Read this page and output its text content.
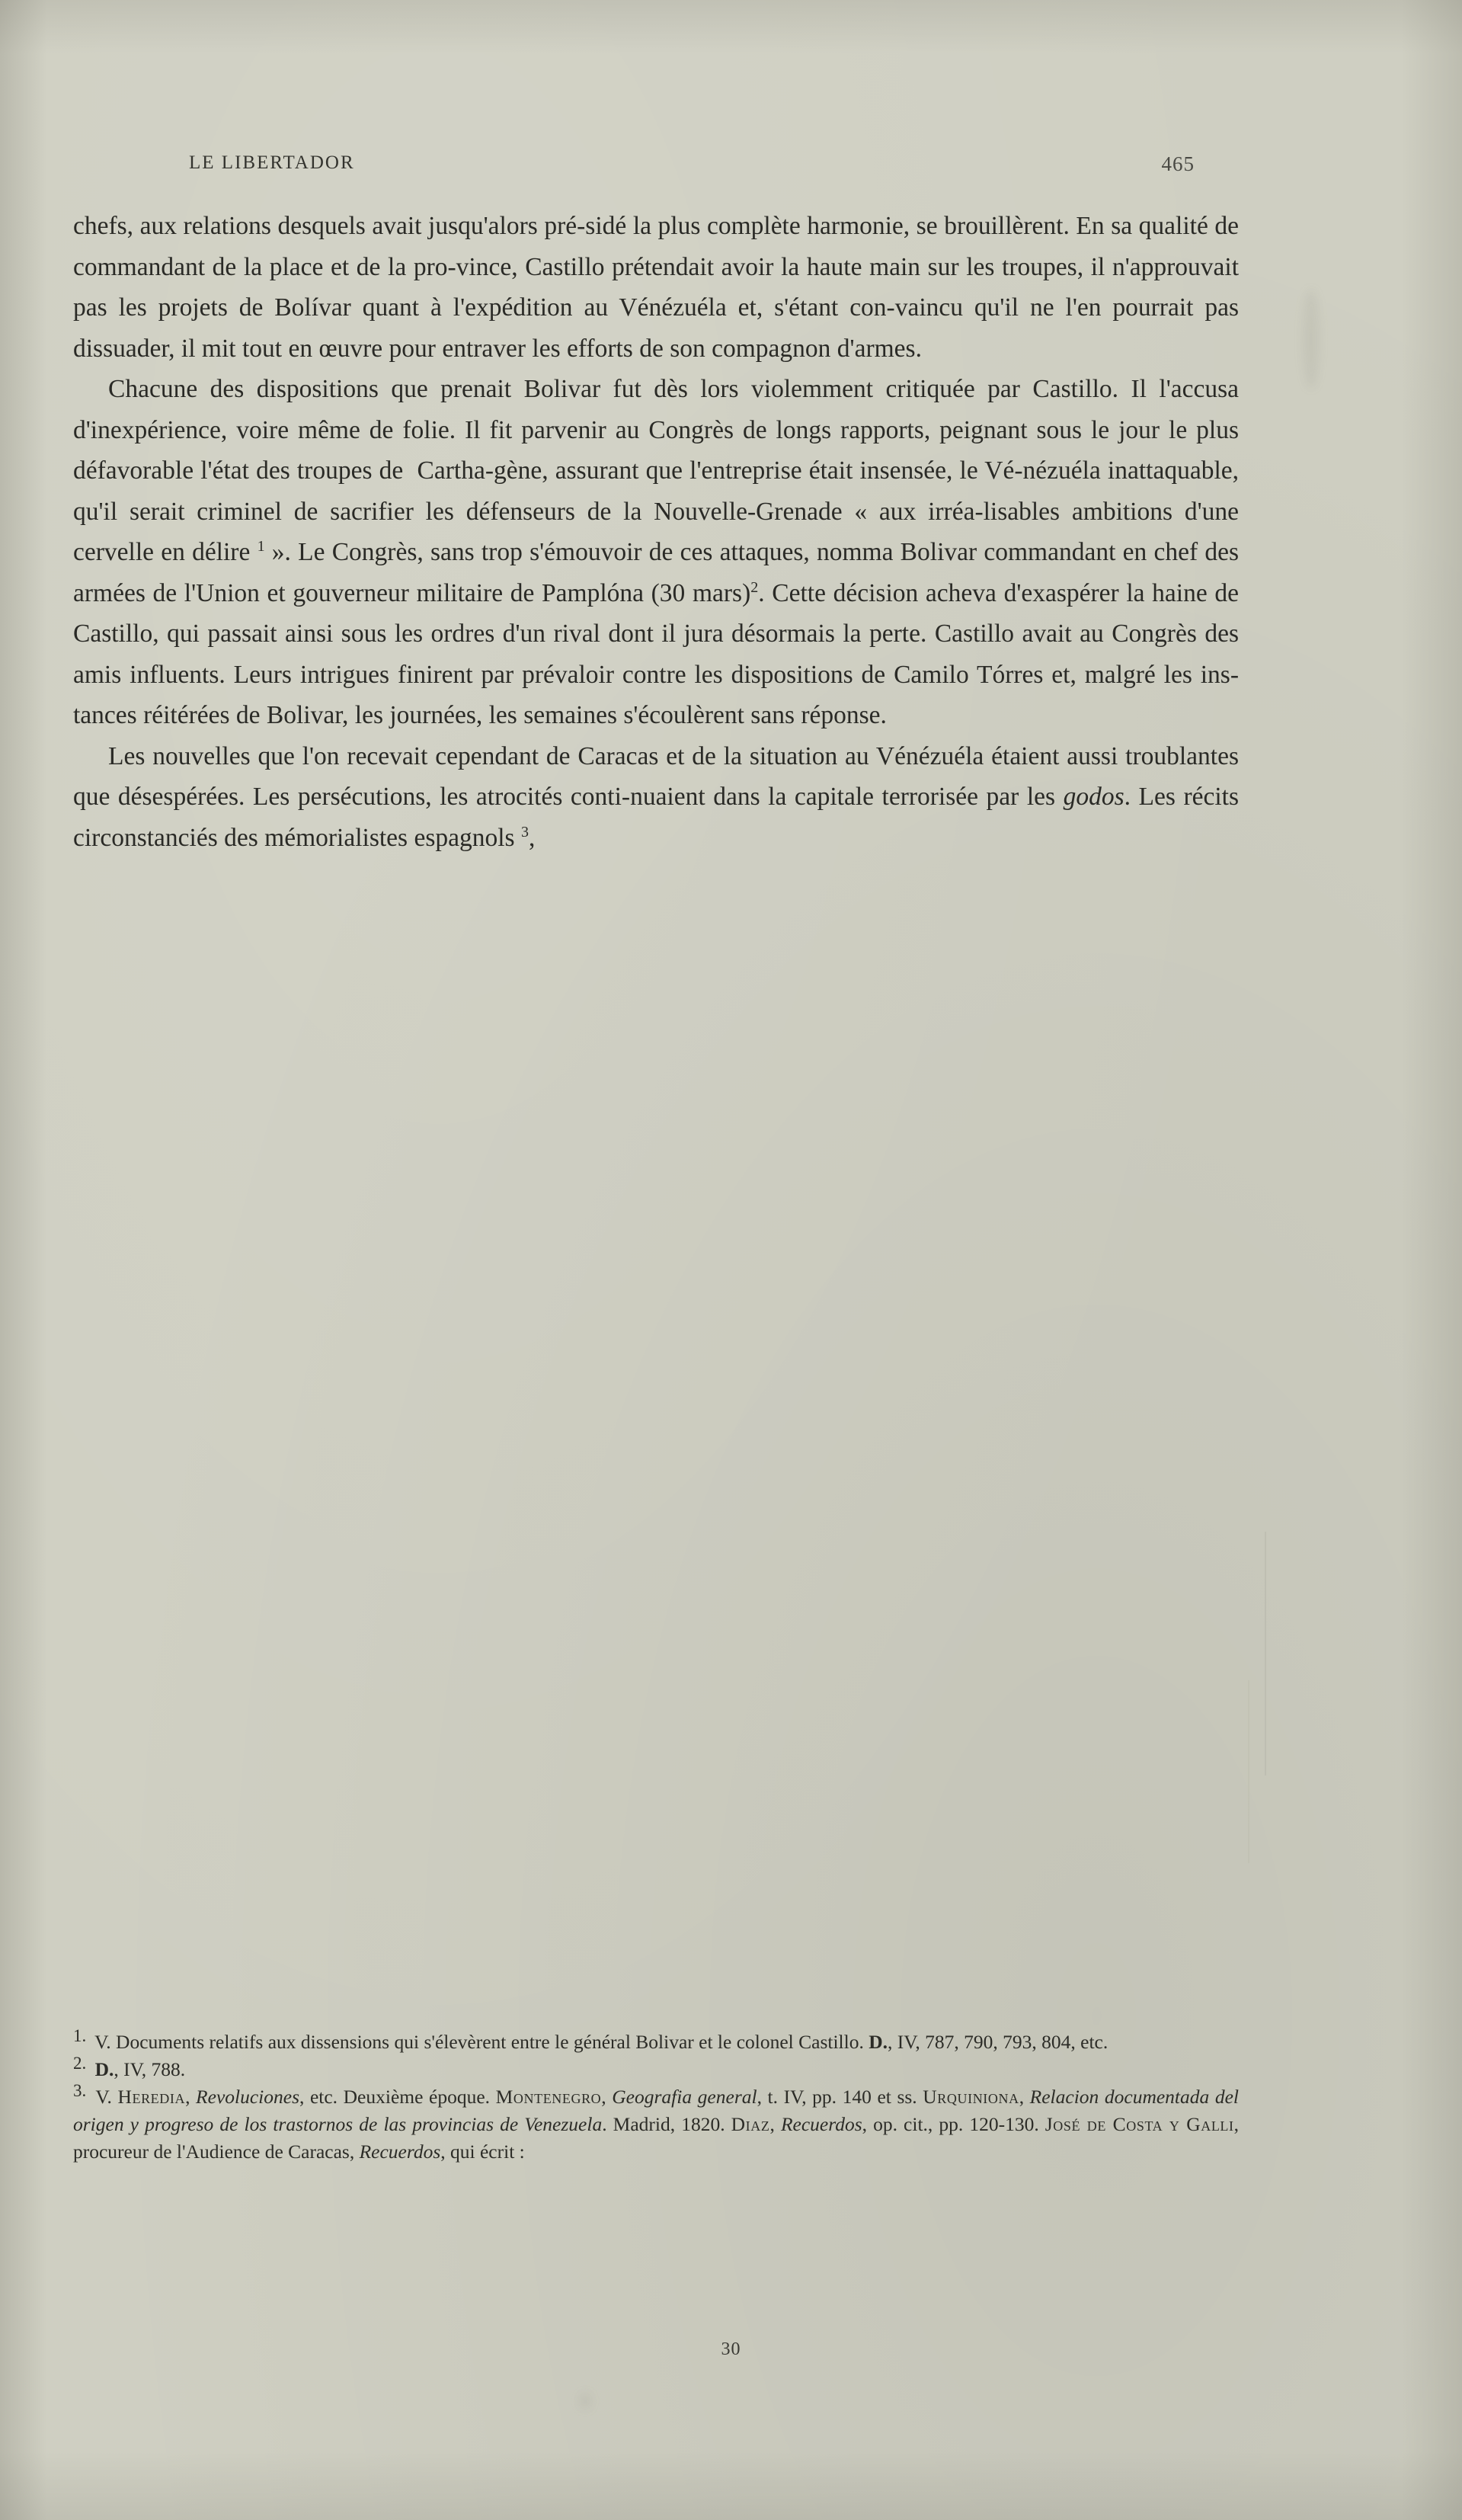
LE LIBERTADOR	465

chefs, aux relations desquels avait jusqu'alors pré-sidé la plus complète harmonie, se brouillèrent. En sa qualité de commandant de la place et de la pro-vince, Castillo prétendait avoir la haute main sur les troupes, il n'approuvait pas les projets de Bolívar quant à l'expédition au Vénézuéla et, s'étant con-vaincu qu'il ne l'en pourrait pas dissuader, il mit tout en œuvre pour entraver les efforts de son compagnon d'armes.

Chacune des dispositions que prenait Bolivar fut dès lors violemment critiquée par Castillo. Il l'accusa d'inexpérience, voire même de folie. Il fit parvenir au Congrès de longs rapports, peignant sous le jour le plus défavorable l'état des troupes de  Cartha-gène, assurant que l'entreprise était insensée, le Vé-nézuéla inattaquable, qu'il serait criminel de sacrifier les défenseurs de la Nouvelle-Grenade « aux irréa-lisables ambitions d'une cervelle en délire $^1$ ». Le Congrès, sans trop s'émouvoir de ces attaques, nomma Bolivar commandant en chef des armées de l'Union et gouverneur militaire de Pamplóna (30 mars)$^2$. Cette décision acheva d'exaspérer la haine de Castillo, qui passait ainsi sous les ordres d'un rival dont il jura désormais la perte. Castillo avait au Congrès des amis influents. Leurs intrigues finirent par prévaloir contre les dispositions de Camilo Tórres et, malgré les ins-tances réitérées de Bolivar, les journées, les semaines s'écoulèrent sans réponse.

Les nouvelles que l'on recevait cependant de Caracas et de la situation au Vénézuéla étaient aussi troublantes que désespérées. Les persécutions, les atrocités conti-nuaient dans la capitale terrorisée par les godos. Les récits circonstanciés des mémorialistes espagnols $^3$,

1. V. Documents relatifs aux dissensions qui s'élevèrent entre le général Bolivar et le colonel Castillo. D., IV, 787, 790, 793, 804, etc.

2. D., IV, 788.

3. V. Heredia, Revoluciones, etc. Deuxième époque. Montenegro, Geografia general, t. IV, pp. 140 et ss. Urquiniona, Relacion documentada del origen y progreso de los trastornos de las provincias de Venezuela. Madrid, 1820. Diaz, Recuerdos, op. cit., pp. 120-130. José de Costa y Galli, procureur de l'Audience de Caracas, Recuerdos, qui écrit :

30
